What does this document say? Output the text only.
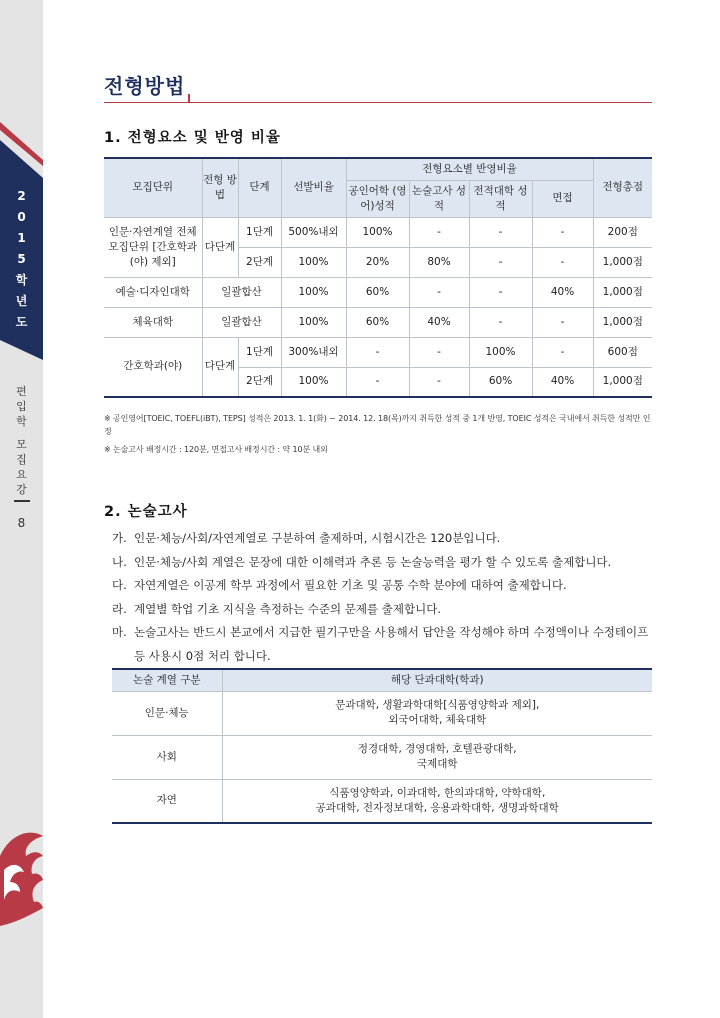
2
0
1
5
학
년
도
편
입
학
모
집
요
강
8
전형방법
1. 전형요소 및 반영 비율
모집단위	전형 방법	단계	선발비율	전형요소별 반영비율				전형총점
				공인어학 (영어)성적	논술고사 성적	전적대학 성적	면접	
인문·자연계열 전체 모집단위 [간호학과(야) 제외]	다단계	1단계	500%내외	100%	-	-	-	200점
		2단계	100%	20%	80%	-	-	1,000점
예술·디자인대학	일괄합산		100%	60%	-	-	40%	1,000점
체육대학	일괄합산		100%	60%	40%	-	-	1,000점
간호학과(야)	다단계	1단계	300%내외	-	-	100%	-	600점
		2단계	100%	-	-	60%	40%	1,000점
※ 공인영어[TOEIC, TOEFL(iBT), TEPS] 성적은 2013. 1. 1(화) ~ 2014. 12. 18(목)까지 취득한 성적 중 1개 반영, TOEIC 성적은 국내에서 취득한 성적만 인정
※ 논술고사 배정시간 : 120분, 면접고사 배정시간 : 약 10분 내외
2. 논술고사
가. 인문·체능/사회/자연계열로 구분하여 출제하며, 시험시간은 120분입니다.
나. 인문·체능/사회 계열은 문장에 대한 이해력과 추론 등 논술능력을 평가 할 수 있도록 출제합니다.
다. 자연계열은 이공계 학부 과정에서 필요한 기초 및 공통 수학 분야에 대하여 출제합니다.
라. 계열별 학업 기초 지식을 측정하는 수준의 문제를 출제합니다.
마. 논술고사는 반드시 본교에서 지급한 필기구만을 사용해서 답안을 작성해야 하며 수정액이나 수정테이프 등 사용시 0점 처리 합니다.
논술 계열 구분	해당 단과대학(학과)
인문·체능	문과대학, 생활과학대학[식품영양학과 제외],
외국어대학, 체육대학

사회	정경대학, 경영대학, 호텔관광대학,
국제대학

자연	식품영양학과, 이과대학, 한의과대학, 약학대학,
공과대학, 전자정보대학, 응용과학대학, 생명과학대학
